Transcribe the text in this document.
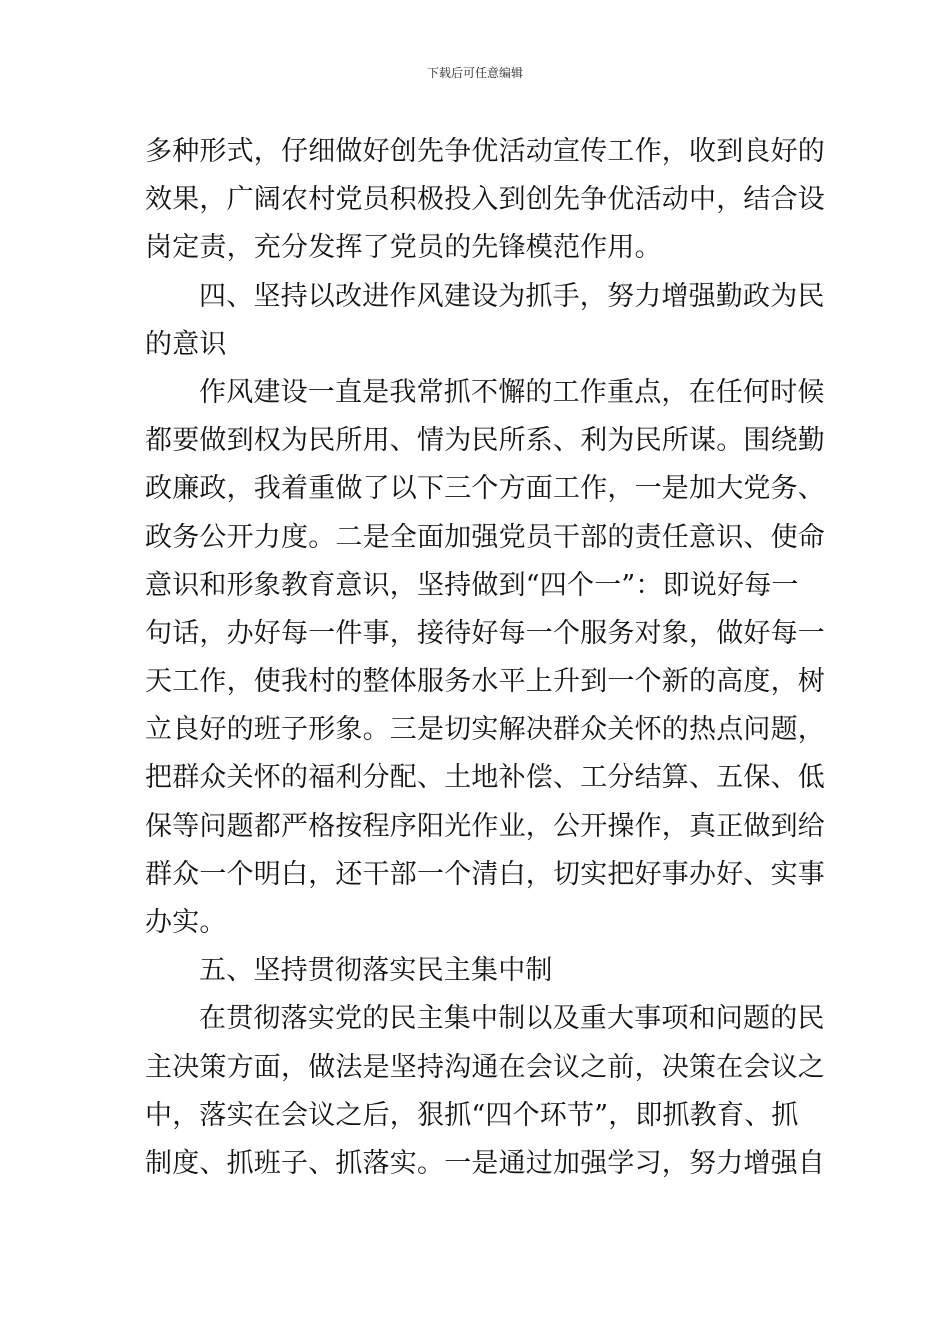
下载后可任意编辑
多种形式，仔细做好创先争优活动宣传工作，收到良好的
效果，广阔农村党员积极投入到创先争优活动中，结合设
岗定责，充分发挥了党员的先锋模范作用。
四、坚持以改进作风建设为抓手，努力增强勤政为民
的意识
作风建设一直是我常抓不懈的工作重点，在任何时候
都要做到权为民所用、情为民所系、利为民所谋。围绕勤
政廉政，我着重做了以下三个方面工作，一是加大党务、
政务公开力度。二是全面加强党员干部的责任意识、使命
意识和形象教育意识，坚持做到“四个一”：即说好每一
句话，办好每一件事，接待好每一个服务对象，做好每一
天工作，使我村的整体服务水平上升到一个新的高度，树
立良好的班子形象。三是切实解决群众关怀的热点问题，
把群众关怀的福利分配、土地补偿、工分结算、五保、低
保等问题都严格按程序阳光作业，公开操作，真正做到给
群众一个明白，还干部一个清白，切实把好事办好、实事
办实。
五、坚持贯彻落实民主集中制
在贯彻落实党的民主集中制以及重大事项和问题的民
主决策方面，做法是坚持沟通在会议之前，决策在会议之
中，落实在会议之后，狠抓“四个环节”，即抓教育、抓
制度、抓班子、抓落实。一是通过加强学习，努力增强自
